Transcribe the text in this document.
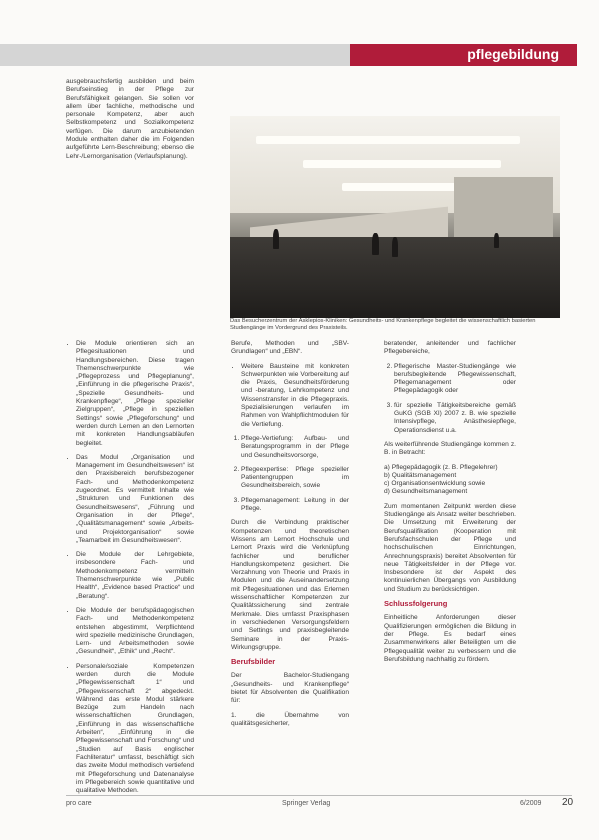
pflegebildung

ausgebrauchsfertig ausbilden und beim Berufseinstieg in der Pflege zur Berufsfähigkeit gelangen. Sie sollen vor allem über fachliche, methodische und personale Kompetenz, aber auch Selbstkompetenz und Sozialkompetenz verfügen. Die darum anzubietenden Module enthalten daher die im Folgenden aufgeführte Lern-Beschreibung; ebenso die Lehr-/Lernorganisation (Verlaufsplanung).

Das Besucherzentrum der Asklepios-Kliniken: Gesundheits- und Krankenpflege begleitet die wissenschaftlich basierten Studiengänge im Vordergrund des Praxisteils.
• Die Module orientieren sich an Pflegesituationen und Handlungsbereichen. Diese tragen Themenschwerpunkte wie „Pflegeprozess und Pflegeplanung“, „Einführung in die pflegerische Praxis“, „Spezielle Gesundheits- und Krankenpflege“, „Pflege spezieller Zielgruppen“, „Pflege in speziellen Settings“ sowie „Pflegeforschung“ und werden durch Lernen an den Lernorten mit konkreten Handlungsabläufen begleitet.
• Das Modul „Organisation und Management im Gesundheitswesen“ ist den Praxisbereich berufsbezogener Fach- und Methodenkompetenz zugeordnet. Es vermittelt Inhalte wie „Strukturen und Funktionen des Gesundheitswesens“, „Führung und Organisation in der Pflege“, „Qualitätsmanagement“ sowie „Arbeits- und Projektorganisation“ sowie „Teamarbeit im Gesundheitswesen“.
• Die Module der Lehrgebiete, insbesondere Fach- und Methodenkompetenz vermitteln Themenschwerpunkte wie „Public Health“, „Evidence based Practice“ und „Beratung“.
• Die Module der berufspädagogischen Fach- und Methodenkompetenz entstehen abgestimmt, Verpflichtend wird spezielle medizinische Grundlagen, Lern- und Arbeitsmethoden sowie „Gesundheit“, „Ethik“ und „Recht“.
• Personale/soziale Kompetenzen werden durch die Module „Pflegewissenschaft 1“ und „Pflegewissenschaft 2“ abgedeckt. Während das erste Modul stärkere Bezüge zum Handeln nach wissenschaftlichen Grundlagen, „Einführung in das wissenschaftliche Arbeiten“, „Einführung in die Pflegewissenschaft und Forschung“ und „Studien auf Basis englischer Fachliteratur“ umfasst, beschäftigt sich das zweite Modul methodisch vertiefend mit Pflegeforschung und Datenanalyse im Pflegebereich sowie quantitative und qualitative Methoden.

Berufe, Methoden und „SBV-Grundlagen“ und „EBN“.

• Weitere Bausteine mit konkreten Schwerpunkten wie Vorbereitung auf die Praxis, Gesundheitsförderung und -beratung, Lehrkompetenz und Wissenstransfer in die Pflegepraxis. Spezialisierungen verlaufen im Rahmen von Wahlpflichtmodulen für die Vertiefung.
1. Pflege-Vertiefung: Aufbau- und Beratungsprogramm in der Pflege und Gesundheitsvorsorge,
2. Pflegeexpertise: Pflege spezieller Patientengruppen im Gesundheitsbereich, sowie
3. Pflegemanagement: Leitung in der Pflege.

Durch die Verbindung praktischer Kompetenzen und theoretischen Wissens am Lernort Hochschule und Lernort Praxis wird die Verknüpfung fachlicher und beruflicher Handlungskompetenz gesichert. Die Verzahnung von Theorie und Praxis in Modulen und die Auseinandersetzung mit Pflegesituationen und das Erlernen wissenschaftlicher Kompetenzen zur Qualitätssicherung sind zentrale Merkmale. Dies umfasst Praxisphasen in verschiedenen Versorgungsfeldern und Settings und praxisbegleitende Seminare in der Praxis-Wirkungsgruppe.

Berufsbilder

Der Bachelor-Studiengang „Gesundheits- und Krankenpflege“ bietet für Absolventen die Qualifikation für:

1. die Übernahme von qualitätsgesicherter,

beratender, anleitender und fachlicher Pflegebereiche,

2. Pflegerische Master-Studiengänge wie berufsbegleitende Pflegewissenschaft, Pflegemanagement oder Pflegepädagogik oder
3. für spezielle Tätigkeitsbereiche gemäß GuKG (SGB XI) 2007 z. B. wie spezielle Intensivpflege, Anästhesiepflege, Operationsdienst u.a.

Als weiterführende Studiengänge kommen z. B. in Betracht:

a) Pflegepädagogik (z. B. Pflegelehrer)
b) Qualitätsmanagement
c) Organisationsentwicklung sowie
d) Gesundheitsmanagement

Zum momentanen Zeitpunkt werden diese Studiengänge als Ansatz weiter beschrieben. Die Umsetzung mit Erweiterung der Berufsqualifikation (Kooperation mit Berufsfachschulen der Pflege und hochschulischen Einrichtungen, Anrechnungspraxis) bereitet Absolventen für neue Tätigkeitsfelder in der Pflege vor. Insbesondere ist der Aspekt des kontinuierlichen Übergangs von Ausbildung und Studium zu berücksichtigen.

Schlussfolgerung

Einheitliche Anforderungen dieser Qualifizierungen ermöglichen die Bildung in der Pflege. Es bedarf eines Zusammenwirkens aller Beteiligten um die Pflegequalität weiter zu verbessern und die Berufsbildung nachhaltig zu fördern.

pro care	Springer Verlag	6/2009 20
